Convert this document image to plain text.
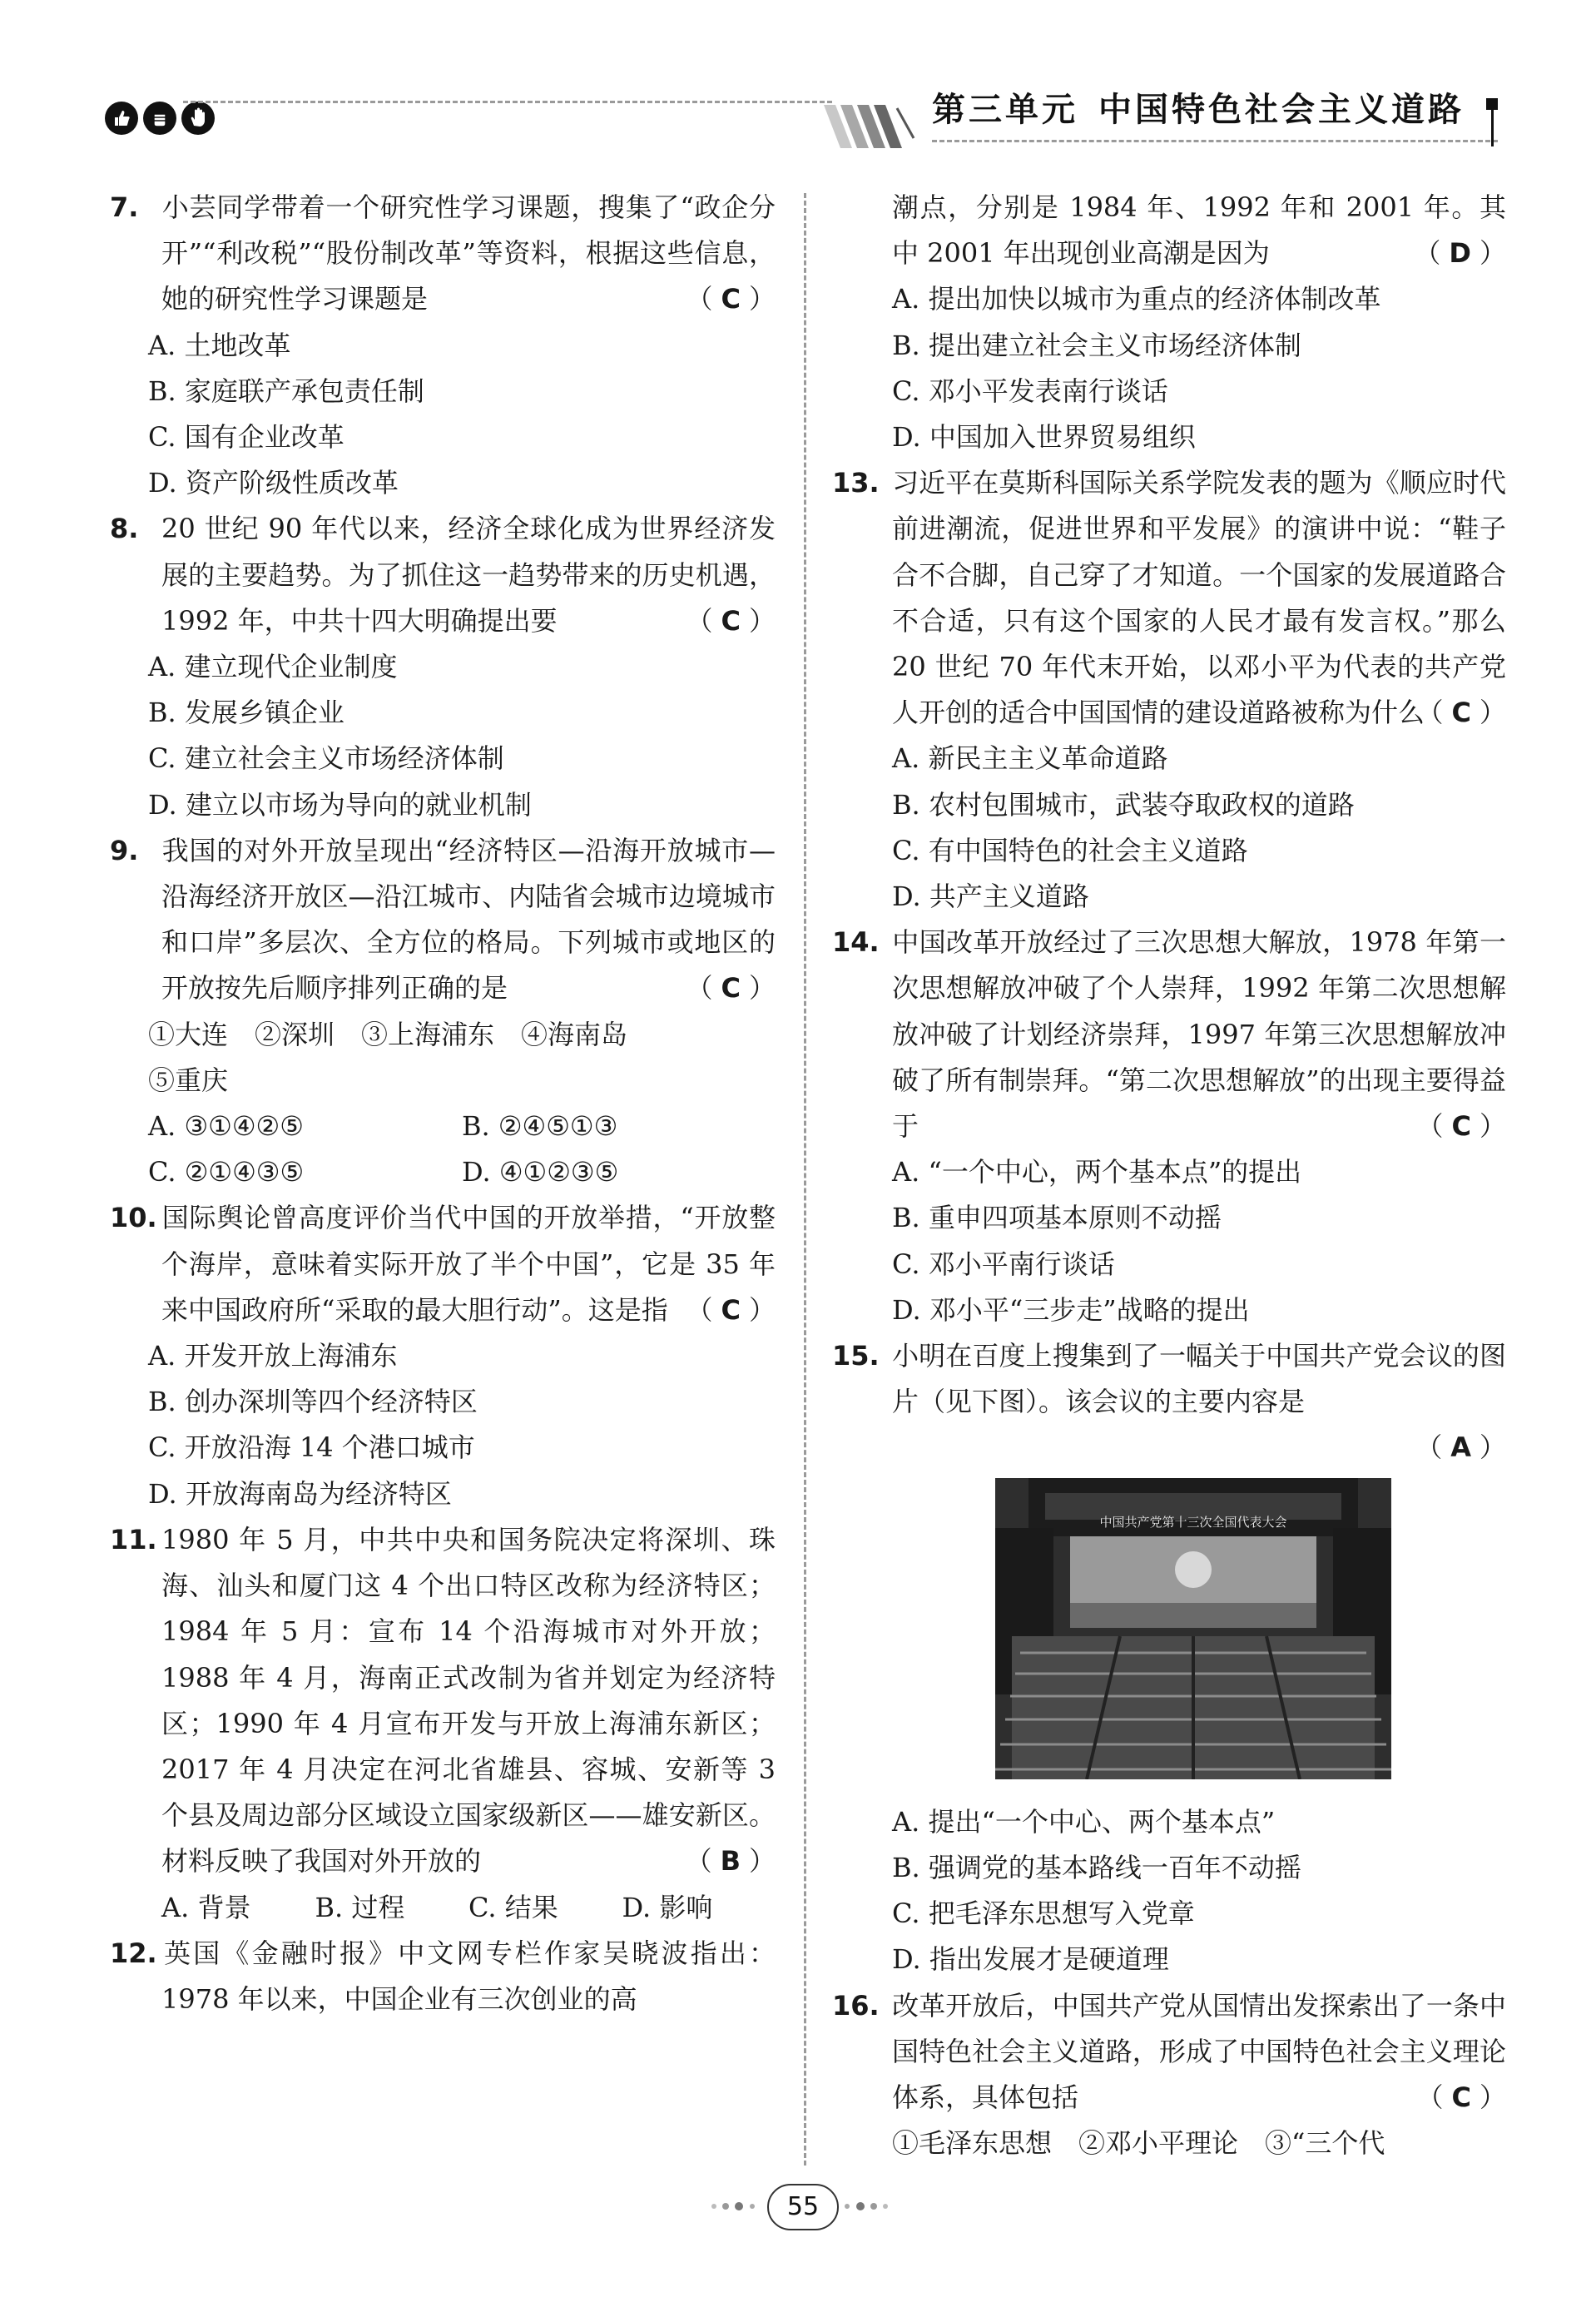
第三单元 中国特色社会主义道路
7. 小芸同学带着一个研究性学习课题，搜集了“政企分开”“利改税”“股份制改革”等资料，根据这些信息，她的研究性学习课题是	（ C ）
A. 土地改革
B. 家庭联产承包责任制
C. 国有企业改革
D. 资产阶级性质改革
8. 20 世纪 90 年代以来，经济全球化成为世界经济发展的主要趋势。为了抓住这一趋势带来的历史机遇，1992 年，中共十四大明确提出要	（ C ）
A. 建立现代企业制度
B. 发展乡镇企业
C. 建立社会主义市场经济体制
D. 建立以市场为导向的就业机制
9. 我国的对外开放呈现出“经济特区—沿海开放城市—沿海经济开放区—沿江城市、内陆省会城市边境城市和口岸”多层次、全方位的格局。下列城市或地区的开放按先后顺序排列正确的是	（ C ）
①大连　②深圳　③上海浦东　④海南岛
⑤重庆
A. ③①④②⑤	B. ②④⑤①③
C. ②①④③⑤	D. ④①②③⑤
10. 国际舆论曾高度评价当代中国的开放举措，“开放整个海岸，意味着实际开放了半个中国”，它是 35 年来中国政府所“采取的最大胆行动”。这是指 （ C ）
A. 开发开放上海浦东
B. 创办深圳等四个经济特区
C. 开放沿海 14 个港口城市
D. 开放海南岛为经济特区
11. 1980 年 5 月，中共中央和国务院决定将深圳、珠海、汕头和厦门这 4 个出口特区改称为经济特区；1984 年 5 月：宣布 14 个沿海城市对外开放；1988 年 4 月，海南正式改制为省并划定为经济特区；1990 年 4 月宣布开发与开放上海浦东新区；2017 年 4 月决定在河北省雄县、容城、安新等 3 个县及周边部分区域设立国家级新区——雄安新区。材料反映了我国对外开放的	（ B ）
A. 背景	B. 过程	C. 结果	D. 影响
12. 英国《金融时报》中文网专栏作家吴晓波指出：1978 年以来，中国企业有三次创业的高
潮点，分别是 1984 年、1992 年和 2001 年。其中 2001 年出现创业高潮是因为	（ D ）
A. 提出加快以城市为重点的经济体制改革
B. 提出建立社会主义市场经济体制
C. 邓小平发表南行谈话
D. 中国加入世界贸易组织
13. 习近平在莫斯科国际关系学院发表的题为《顺应时代前进潮流，促进世界和平发展》的演讲中说：“鞋子合不合脚，自己穿了才知道。一个国家的发展道路合不合适，只有这个国家的人民才最有发言权。”那么 20 世纪 70 年代末开始，以邓小平为代表的共产党人开创的适合中国国情的建设道路被称为什么
（ C ）
A. 新民主主义革命道路
B. 农村包围城市，武装夺取政权的道路
C. 有中国特色的社会主义道路
D. 共产主义道路
14. 中国改革开放经过了三次思想大解放，1978 年第一次思想解放冲破了个人崇拜，1992 年第二次思想解放冲破了计划经济崇拜，1997 年第三次思想解放冲破了所有制崇拜。“第二次思想解放”的出现主要得益于	（ C ）
A. “一个中心，两个基本点”的提出
B. 重申四项基本原则不动摇
C. 邓小平南行谈话
D. 邓小平“三步走”战略的提出
15. 小明在百度上搜集到了一幅关于中国共产党会议的图片（见下图）。该会议的主要内容是
（ A ）
中国共产党第十三次全国代表大会
A. 提出“一个中心、两个基本点”
B. 强调党的基本路线一百年不动摇
C. 把毛泽东思想写入党章
D. 指出发展才是硬道理
16. 改革开放后，中国共产党从国情出发探索出了一条中国特色社会主义道路，形成了中国特色社会主义理论体系，具体包括	（ C ）
①毛泽东思想　②邓小平理论　③“三个代
55
